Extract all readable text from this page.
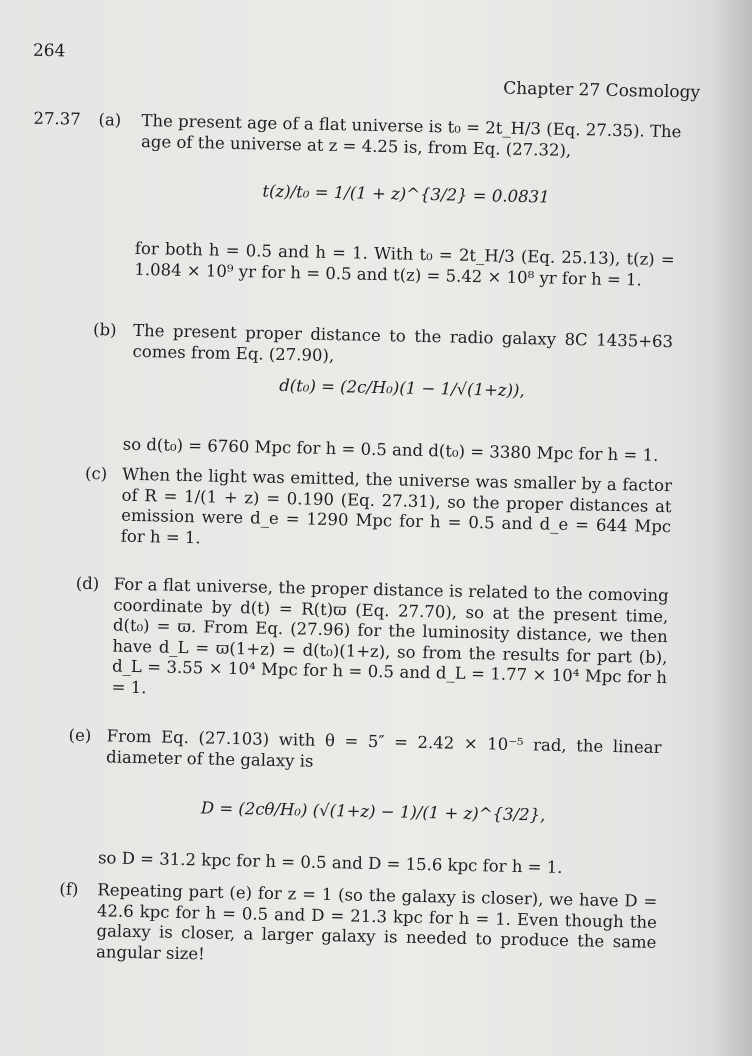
264
Chapter 27 Cosmology
27.37 (a) The present age of a flat universe is t₀ = 2t_H/3 (Eq. 27.35). The age of the universe at z = 4.25 is, from Eq. (27.32),
t(z)/t₀ = 1/(1 + z)^{3/2} = 0.0831
for both h = 0.5 and h = 1. With t₀ = 2t_H/3 (Eq. 25.13), t(z) = 1.084 × 10⁹ yr for h = 0.5 and t(z) = 5.42 × 10⁸ yr for h = 1.
(b) The present proper distance to the radio galaxy 8C 1435+63 comes from Eq. (27.90),
d(t₀) = (2c/H₀)(1 − 1/√(1+z)),
so d(t₀) = 6760 Mpc for h = 0.5 and d(t₀) = 3380 Mpc for h = 1.
(c) When the light was emitted, the universe was smaller by a factor of R = 1/(1 + z) = 0.190 (Eq. 27.31), so the proper distances at emission were d_e = 1290 Mpc for h = 0.5 and d_e = 644 Mpc for h = 1.
(d) For a flat universe, the proper distance is related to the comoving coordinate by d(t) = R(t)ϖ (Eq. 27.70), so at the present time, d(t₀) = ϖ. From Eq. (27.96) for the luminosity distance, we then have d_L = ϖ(1+z) = d(t₀)(1+z), so from the results for part (b), d_L = 3.55 × 10⁴ Mpc for h = 0.5 and d_L = 1.77 × 10⁴ Mpc for h = 1.
(e) From Eq. (27.103) with θ = 5″ = 2.42 × 10⁻⁵ rad, the linear diameter of the galaxy is
D = (2cθ/H₀) (√(1+z) − 1)/(1 + z)^{3/2},
so D = 31.2 kpc for h = 0.5 and D = 15.6 kpc for h = 1.
(f) Repeating part (e) for z = 1 (so the galaxy is closer), we have D = 42.6 kpc for h = 0.5 and D = 21.3 kpc for h = 1. Even though the galaxy is closer, a larger galaxy is needed to produce the same angular size!
